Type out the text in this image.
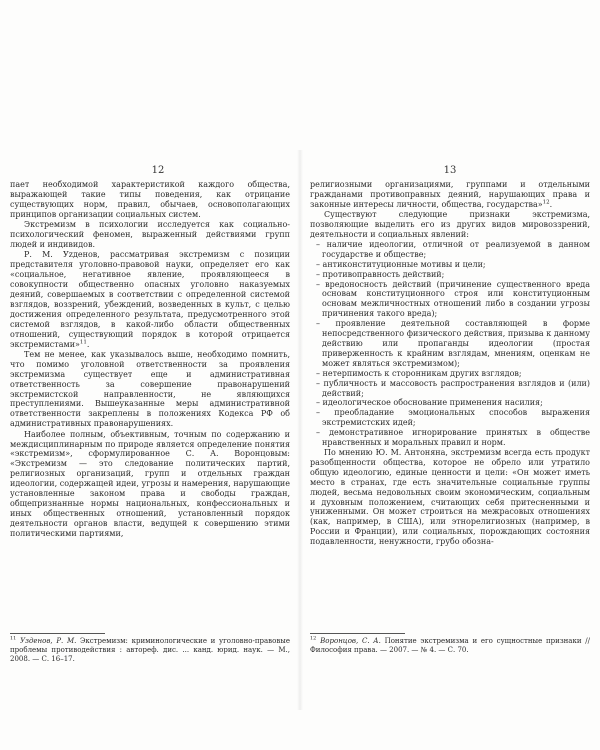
12

пает необходимой характеристикой каждого общества, выражающей такие типы поведения, как отрицание существующих норм, правил, обычаев, основополагающих принципов организации социальных систем.

Экстремизм в психологии исследуется как социально-психологический феномен, выраженный действиями групп людей и индивидов.

Р. М. Уzденов, рассматривая экстремизм с позиции представителя уголовно-правовой науки, определяет его как «социальное, негативное явление, проявляющееся в совокупности общественно опасных уголовно наказуемых деяний, совершаемых в соответствии с определенной системой взглядов, воззрений, убеждений, возведенных в культ, с целью достижения определенного результата, предусмотренного этой системой взглядов, в какой-либо области общественных отношений, существующий порядок в которой отрицается экстремистами»$^{11}$.

Тем не менее, как указывалось выше, необходимо помнить, что помимо уголовной ответственности за проявления экстремизма существует еще и административная ответственность за совершение правонарушений экстремистской направленности, не являющихся преступлениями. Вышеуказанные меры административной ответственности закреплены в положениях Кодекса РФ об административных правонарушениях.

Наиболее полным, объективным, точным по содержанию и междисциплинарным по природе является определение понятия «экстремизм», сформулированное С. А. Воронцовым: «Экстремизм — это следование политических партий, религиозных организаций, групп и отдельных граждан идеологии, содержащей идеи, угрозы и намерения, нарушающие установленные законом права и свободы граждан, общепризнанные нормы национальных, конфессиональных и иных общественных отношений, установленный порядок деятельности органов власти, ведущей к совершению этими политическими партиями,

$^{11}$ Узденов, Р. М. Экстремизм: криминологические и уголовно-правовые проблемы противодействия : автореф. дис. ... канд. юрид. наук. — М., 2008. — С. 16–17.
13

религиозными организациями, группами и отдельными гражданами противоправных деяний, нарушающих права и законные интересы личности, общества, государства»$^{12}$.

Существуют следующие признаки экстремизма, позволяющие выделить его из других видов мировоззрений, деятельности и социальных явлений:

– наличие идеологии, отличной от реализуемой в данном государстве и обществе;
– антиконституционные мотивы и цели;
– противоправность действий;
– вредоносность действий (причинение существенного вреда основам конституционного строя или конституционным основам межличностных отношений либо в создании угрозы причинения такого вреда);
– проявление деятельной составляющей в форме непосредственного физического действия, призыва к данному действию или пропаганды идеологии (простая приверженность к крайним взглядам, мнениям, оценкам не может являться экстремизмом);
– нетерпимость к сторонникам других взглядов;
– публичность и массовость распространения взглядов и (или) действий;
– идеологическое обоснование применения насилия;
– преобладание эмоциональных способов выражения экстремистских идей;
– демонстративное игнорирование принятых в обществе нравственных и моральных правил и норм.

По мнению Ю. М. Антоняна, экстремизм всегда есть продукт разобщенности общества, которое не обрело или утратило общую идеологию, единые ценности и цели: «Он может иметь место в странах, где есть значительные социальные группы людей, весьма недовольных своим экономическим, социальным и духовным положением, считающих себя притесненными и униженными. Он может строиться на межрасовых отношениях (как, например, в США), или этнорелигиозных (например, в России и Франции), или социальных, порождающих состояния подавленности, ненужности, грубо обозна-

$^{12}$ Воронцов, С. А. Понятие экстремизма и его сущностные признаки // Философия права. — 2007. — № 4. — С. 70.
